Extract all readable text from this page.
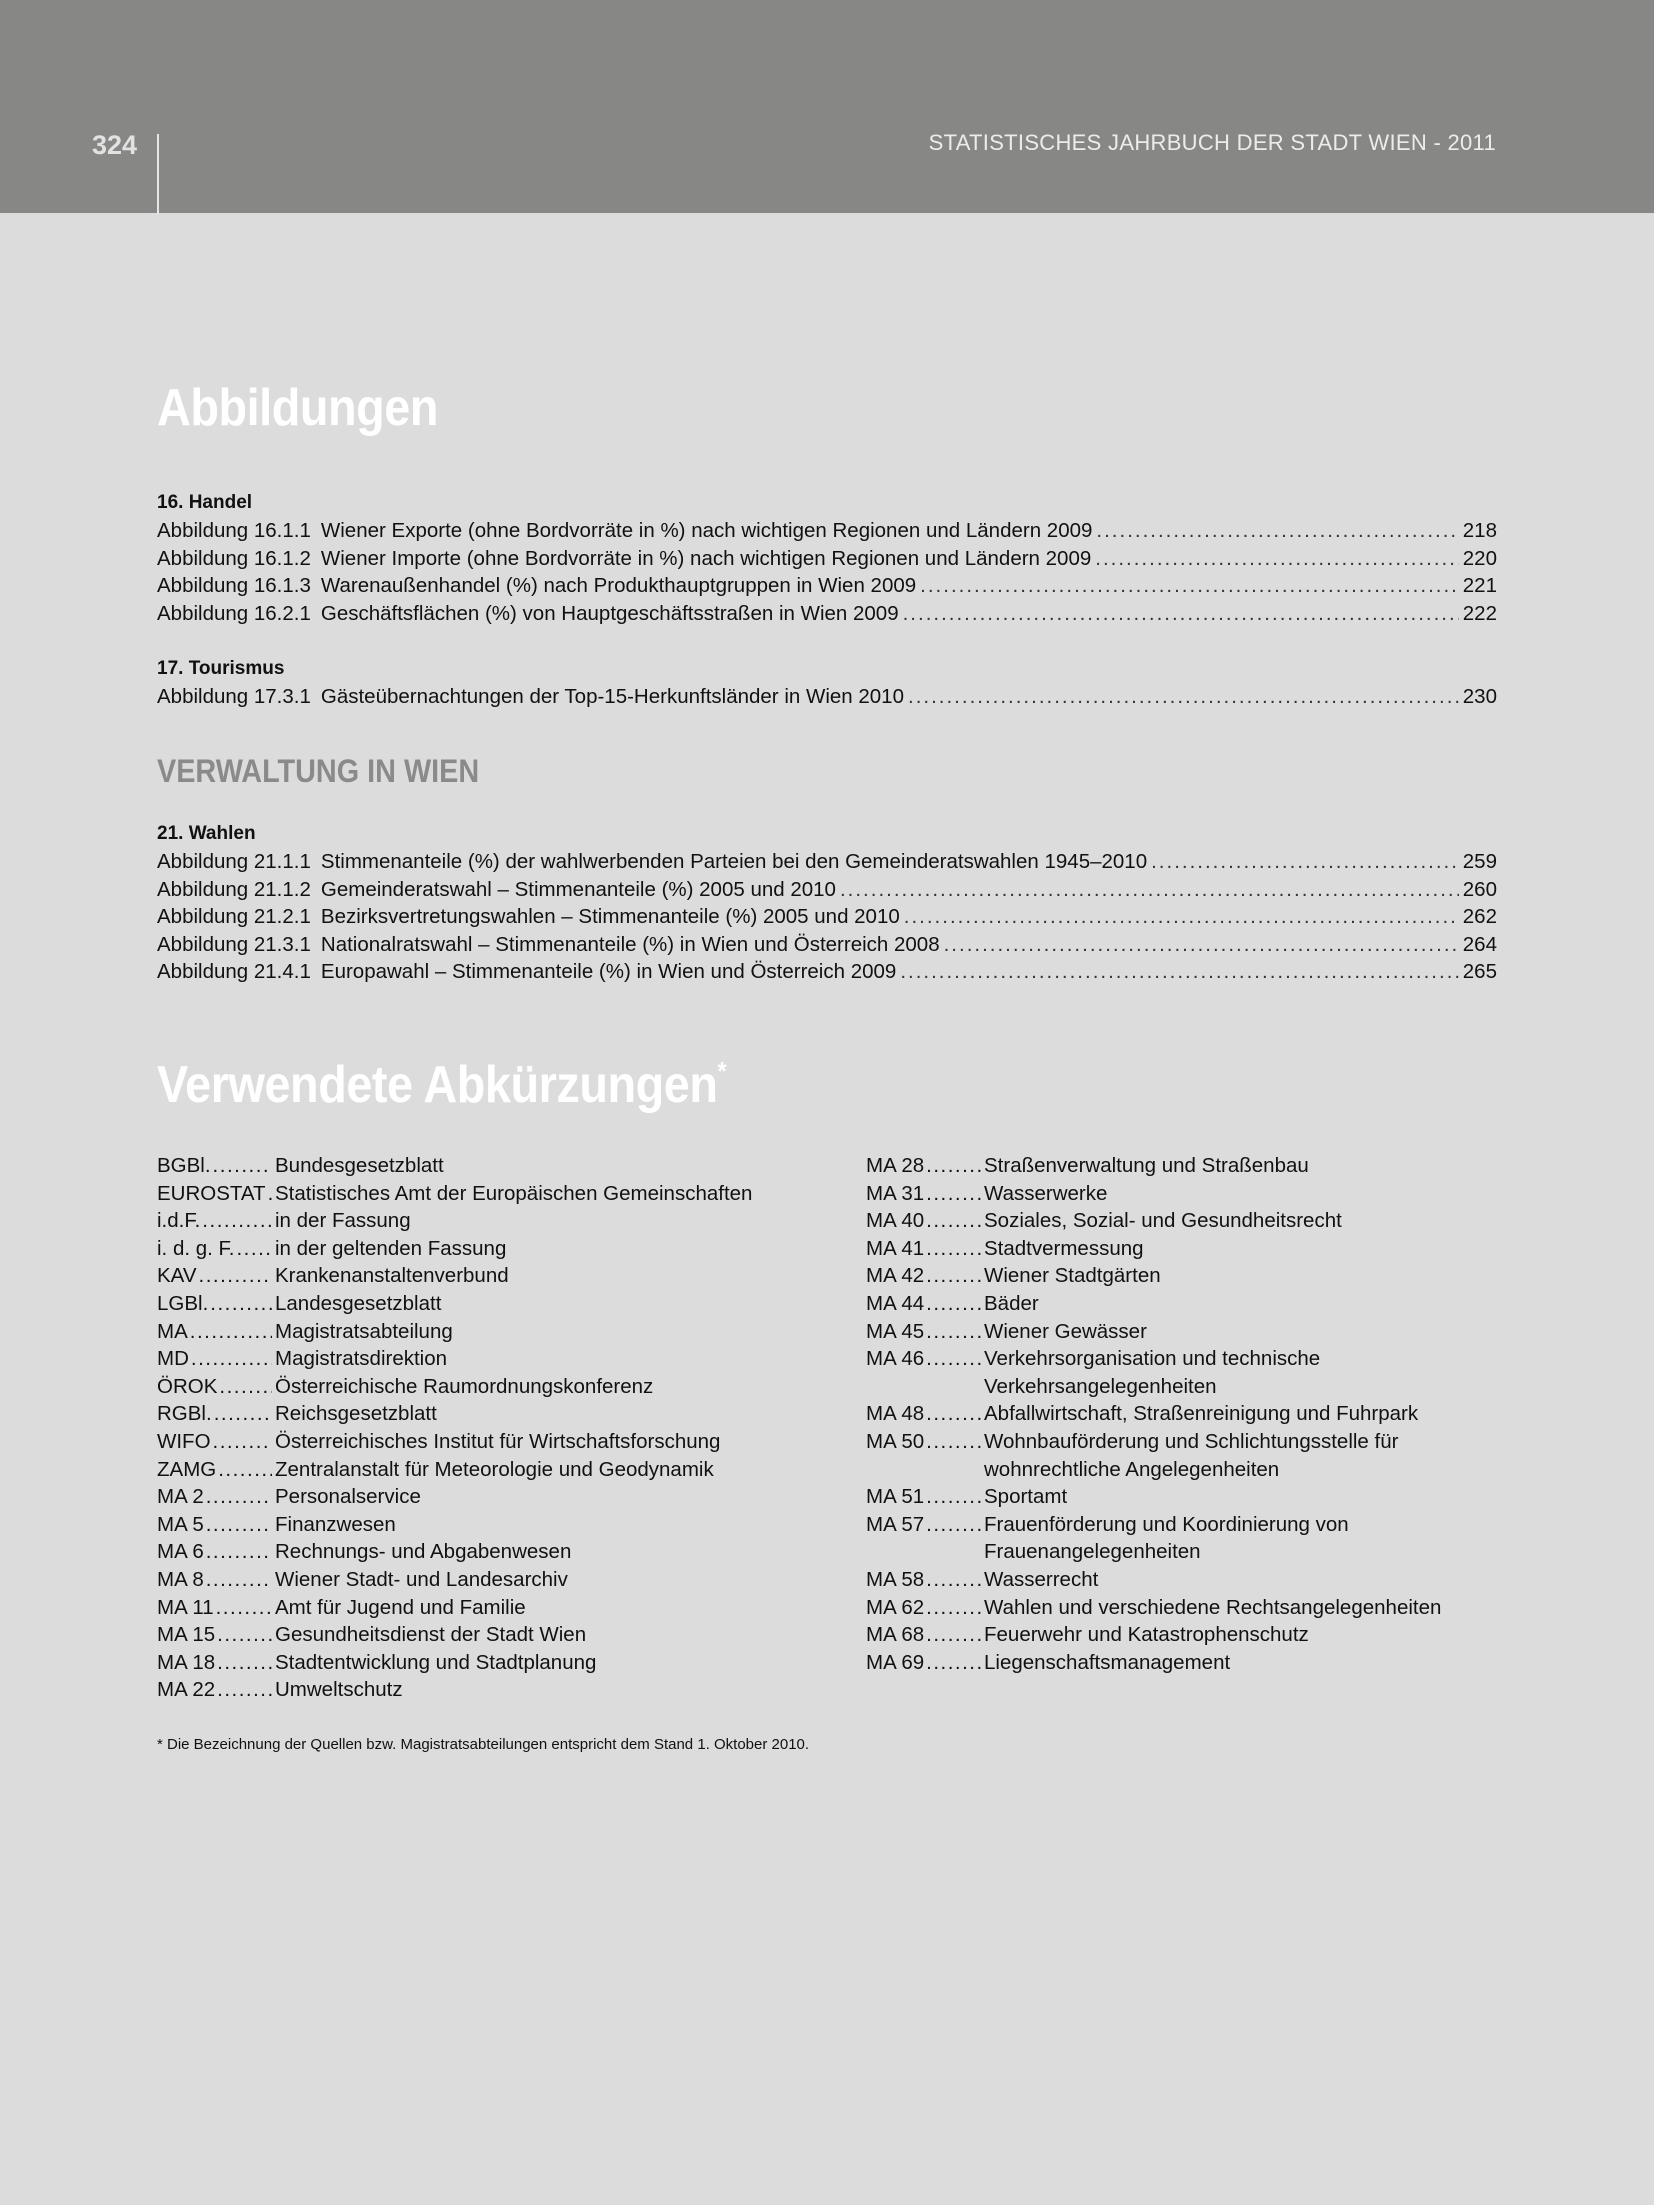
324	STATISTISCHES JAHRBUCH DER STADT WIEN - 2011
Abbildungen
16. Handel
Abbildung 16.1.1 Wiener Exporte (ohne Bordvorräte in %) nach wichtigen Regionen und Ländern 2009 .....	218
Abbildung 16.1.2 Wiener Importe (ohne Bordvorräte in %) nach wichtigen Regionen und Ländern 2009 .....	220
Abbildung 16.1.3 Warenaußenhandel (%) nach Produkthauptgruppen in Wien 2009 .....	221
Abbildung 16.2.1 Geschäftsflächen (%) von Hauptgeschäftsstraßen in Wien 2009 .....	222
17. Tourismus
Abbildung 17.3.1 Gästeübernachtungen der Top-15-Herkunftsländer in Wien 2010 .....	230
VERWALTUNG IN WIEN
21. Wahlen
Abbildung 21.1.1 Stimmenanteile (%) der wahlwerbenden Parteien bei den Gemeinderatswahlen 1945–2010 .....	259
Abbildung 21.1.2 Gemeinderatswahl – Stimmenanteile (%) 2005 und 2010 .....	260
Abbildung 21.2.1 Bezirksvertretungswahlen – Stimmenanteile (%) 2005 und 2010 .....	262
Abbildung 21.3.1 Nationalratswahl – Stimmenanteile (%) in Wien und Österreich 2008 .....	264
Abbildung 21.4.1 Europawahl – Stimmenanteile (%) in Wien und Österreich 2009 .....	265
Verwendete Abkürzungen*
BGBl. .....	Bundesgesetzblatt
EUROSTAT ..... Statistisches Amt der Europäischen Gemeinschaften
i.d.F. .....	in der Fassung
i. d. g. F. ..... in der geltenden Fassung
KAV .....	Krankenanstaltenverbund
LGBl. .....	Landesgesetzblatt
MA .....	Magistratsabteilung
MD .....	Magistratsdirektion
ÖROK .....	Österreichische Raumordnungskonferenz
RGBl. .....	Reichsgesetzblatt
WIFO .....	Österreichisches Institut für Wirtschaftsforschung
ZAMG .....	Zentralanstalt für Meteorologie und Geodynamik
MA 2 .....	Personalservice
MA 5 .....	Finanzwesen
MA 6 .....	Rechnungs- und Abgabenwesen
MA 8 .....	Wiener Stadt- und Landesarchiv
MA 11 .....	Amt für Jugend und Familie
MA 15 .....	Gesundheitsdienst der Stadt Wien
MA 18 .....	Stadtentwicklung und Stadtplanung
MA 22 .....	Umweltschutz
MA 28 .....	Straßenverwaltung und Straßenbau
MA 31 .....	Wasserwerke
MA 40 .....	Soziales, Sozial- und Gesundheitsrecht
MA 41 .....	Stadtvermessung
MA 42 .....	Wiener Stadtgärten
MA 44 .....	Bäder
MA 45 .....	Wiener Gewässer
MA 46 .....	Verkehrsorganisation und technische
Verkehrsangelegenheiten
MA 48 .....	Abfallwirtschaft, Straßenreinigung und Fuhrpark
MA 50 .....	Wohnbauförderung und Schlichtungsstelle für
wohnrechtliche Angelegenheiten
MA 51 .....	Sportamt
MA 57 .....	Frauenförderung und Koordinierung von
Frauenangelegenheiten
MA 58 .....	Wasserrecht
MA 62 .....	Wahlen und verschiedene Rechtsangelegenheiten
MA 68 .....	Feuerwehr und Katastrophenschutz
MA 69 .....	Liegenschaftsmanagement
* Die Bezeichnung der Quellen bzw. Magistratsabteilungen entspricht dem Stand 1. Oktober 2010.
